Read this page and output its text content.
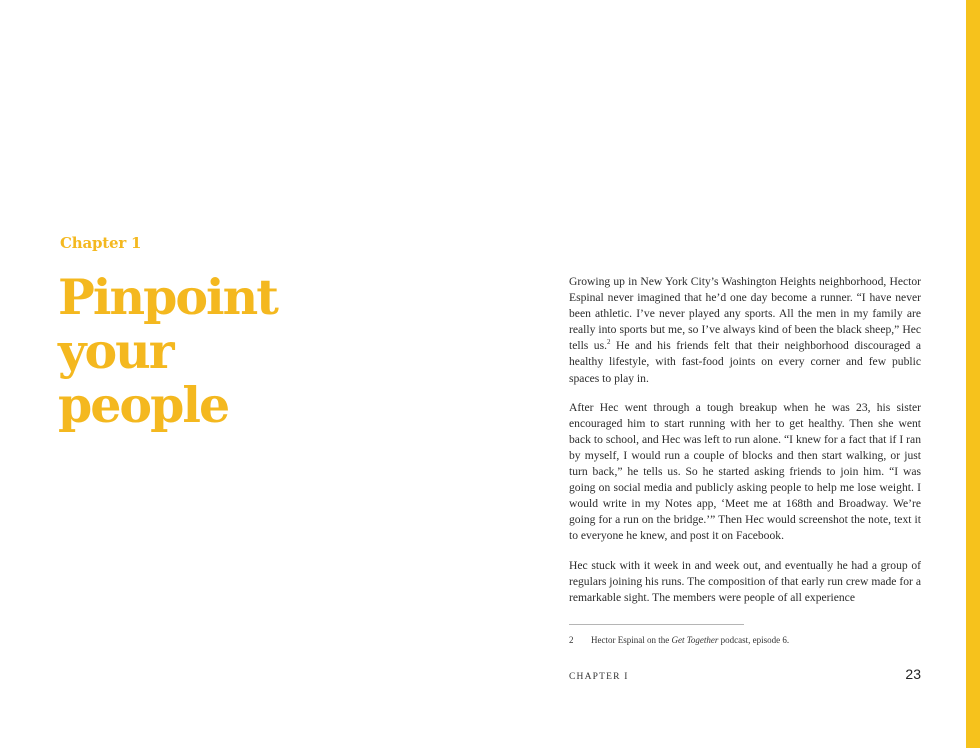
Chapter 1
Pinpoint
your
people

Growing up in New York City’s Washington Heights neighborhood, Hector Espinal never imagined that he’d one day become a runner. “I have never been athletic. I’ve never played any sports. All the men in my family are really into sports but me, so I’ve always kind of been the black sheep,” Hec tells us.$^2$ He and his friends felt that their neighborhood discouraged a healthy lifestyle, with fast-food joints on every corner and few public spaces to play in.

After Hec went through a tough breakup when he was 23, his sister encouraged him to start running with her to get healthy. Then she went back to school, and Hec was left to run alone. “I knew for a fact that if I ran by myself, I would run a couple of blocks and then start walking, or just turn back,” he tells us. So he started asking friends to join him. “I was going on social media and publicly asking people to help me lose weight. I would write in my Notes app, ‘Meet me at 168th and Broadway. We’re going for a run on the bridge.’” Then Hec would screenshot the note, text it to everyone he knew, and post it on Facebook.

Hec stuck with it week in and week out, and eventually he had a group of regulars joining his runs. The composition of that early run crew made for a remarkable sight. The members were people of all experience

2 Hector Espinal on the Get Together podcast, episode 6.
CHAPTER I	23
